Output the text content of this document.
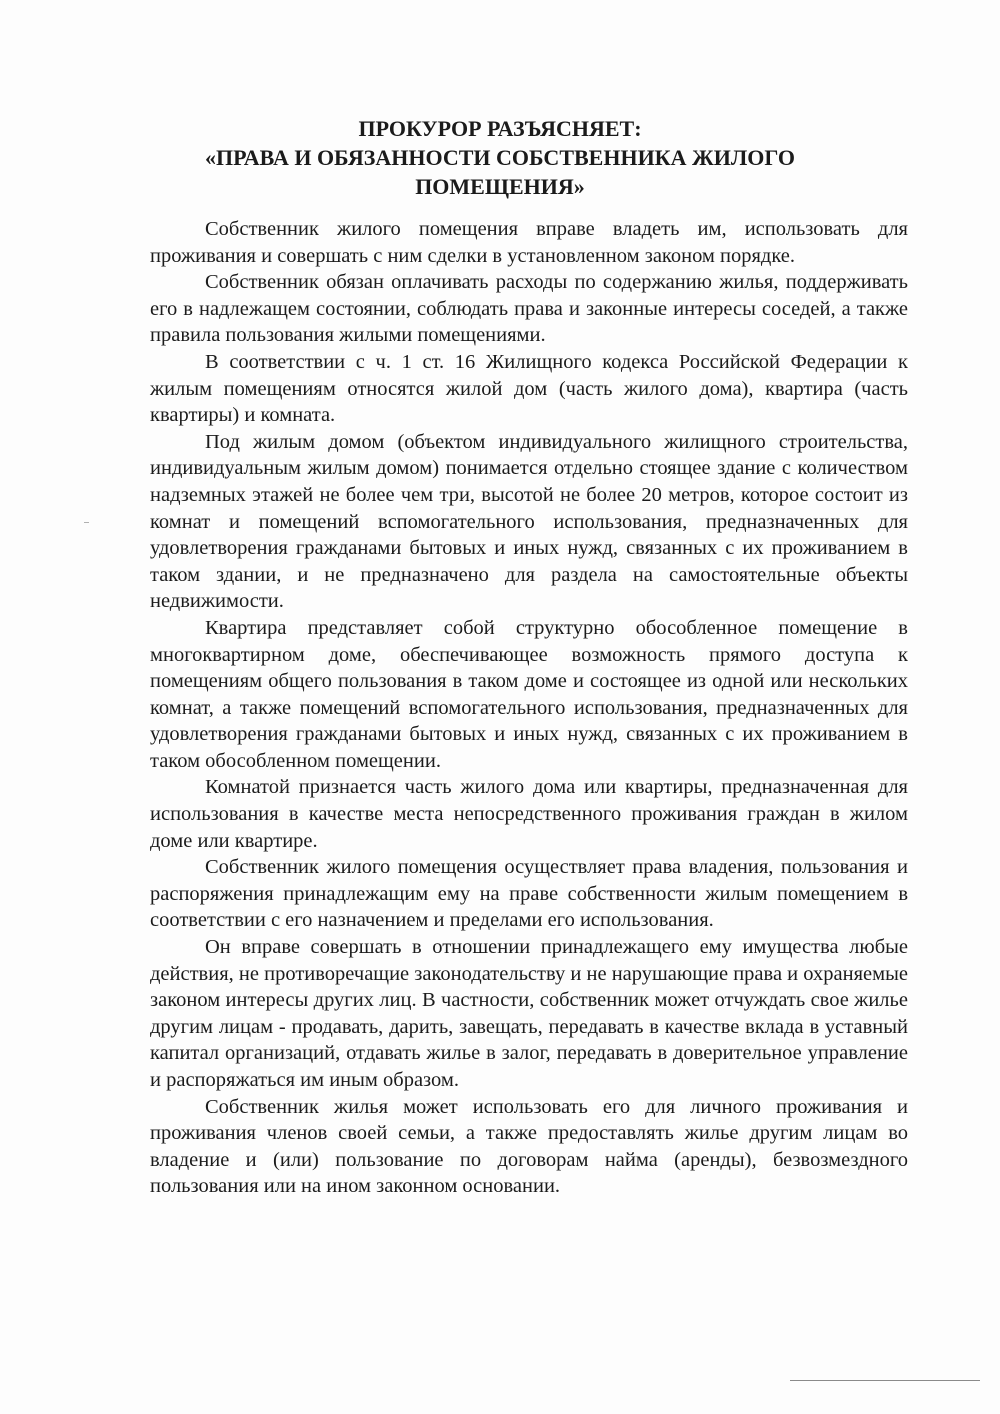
ПРОКУРОР РАЗЪЯСНЯЕТ:
«ПРАВА И ОБЯЗАННОСТИ СОБСТВЕННИКА ЖИЛОГО
ПОМЕЩЕНИЯ»

Собственник жилого помещения вправе владеть им, использовать для проживания и совершать с ним сделки в установленном законом порядке.

Собственник обязан оплачивать расходы по содержанию жилья, поддерживать его в надлежащем состоянии, соблюдать права и законные интересы соседей, а также правила пользования жилыми помещениями.

В соответствии с ч. 1 ст. 16 Жилищного кодекса Российской Федерации к жилым помещениям относятся жилой дом (часть жилого дома), квартира (часть квартиры) и комната.

Под жилым домом (объектом индивидуального жилищного строительства, индивидуальным жилым домом) понимается отдельно стоящее здание с количеством надземных этажей не более чем три, высотой не более 20 метров, которое состоит из комнат и помещений вспомогательного использования, предназначенных для удовлетворения гражданами бытовых и иных нужд, связанных с их проживанием в таком здании, и не предназначено для раздела на самостоятельные объекты недвижимости.

Квартира представляет собой структурно обособленное помещение в многоквартирном доме, обеспечивающее возможность прямого доступа к помещениям общего пользования в таком доме и состоящее из одной или нескольких комнат, а также помещений вспомогательного использования, предназначенных для удовлетворения гражданами бытовых и иных нужд, связанных с их проживанием в таком обособленном помещении.

Комнатой признается часть жилого дома или квартиры, предназначенная для использования в качестве места непосредственного проживания граждан в жилом доме или квартире.

Собственник жилого помещения осуществляет права владения, пользования и распоряжения принадлежащим ему на праве собственности жилым помещением в соответствии с его назначением и пределами его использования.

Он вправе совершать в отношении принадлежащего ему имущества любые действия, не противоречащие законодательству и не нарушающие права и охраняемые законом интересы других лиц. В частности, собственник может отчуждать свое жилье другим лицам - продавать, дарить, завещать, передавать в качестве вклада в уставный капитал организаций, отдавать жилье в залог, передавать в доверительное управление и распоряжаться им иным образом.

Собственник жилья может использовать его для личного проживания и проживания членов своей семьи, а также предоставлять жилье другим лицам во владение и (или) пользование по договорам найма (аренды), безвозмездного пользования или на ином законном основании.
